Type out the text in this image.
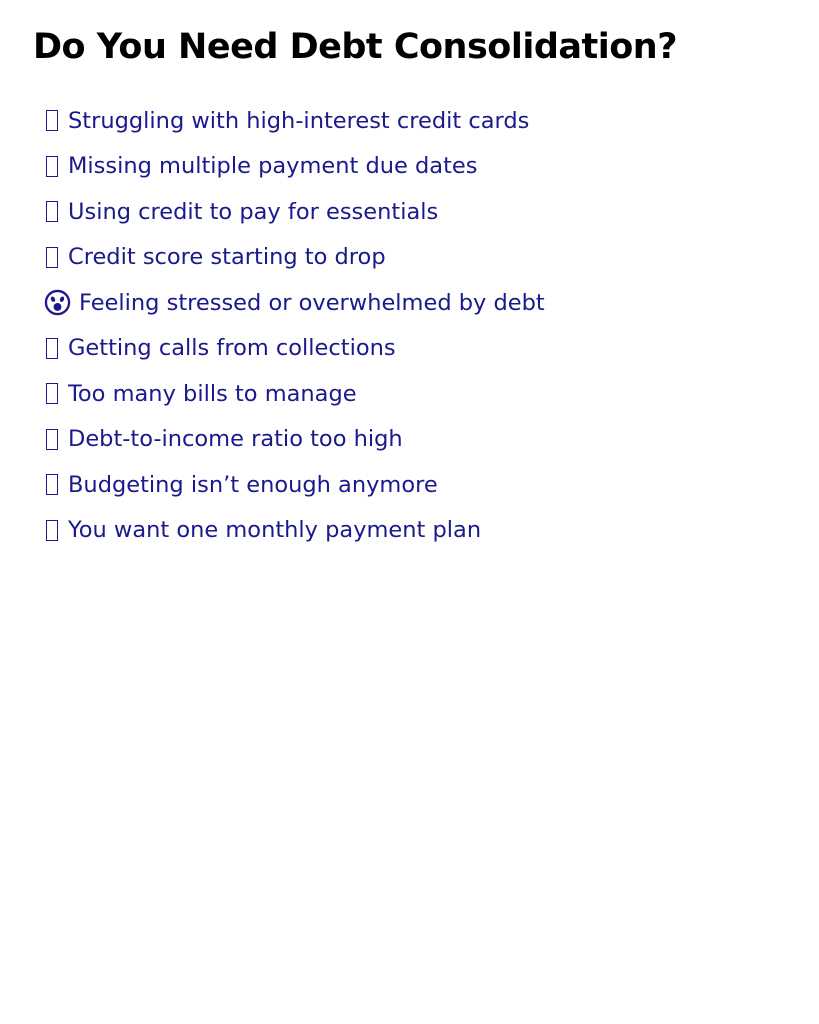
Do You Need Debt Consolidation?
Struggling with high-interest credit cards
Missing multiple payment due dates
Using credit to pay for essentials
Credit score starting to drop
Feeling stressed or overwhelmed by debt
Getting calls from collections
Too many bills to manage
Debt-to-income ratio too high
Budgeting isn’t enough anymore
You want one monthly payment plan
